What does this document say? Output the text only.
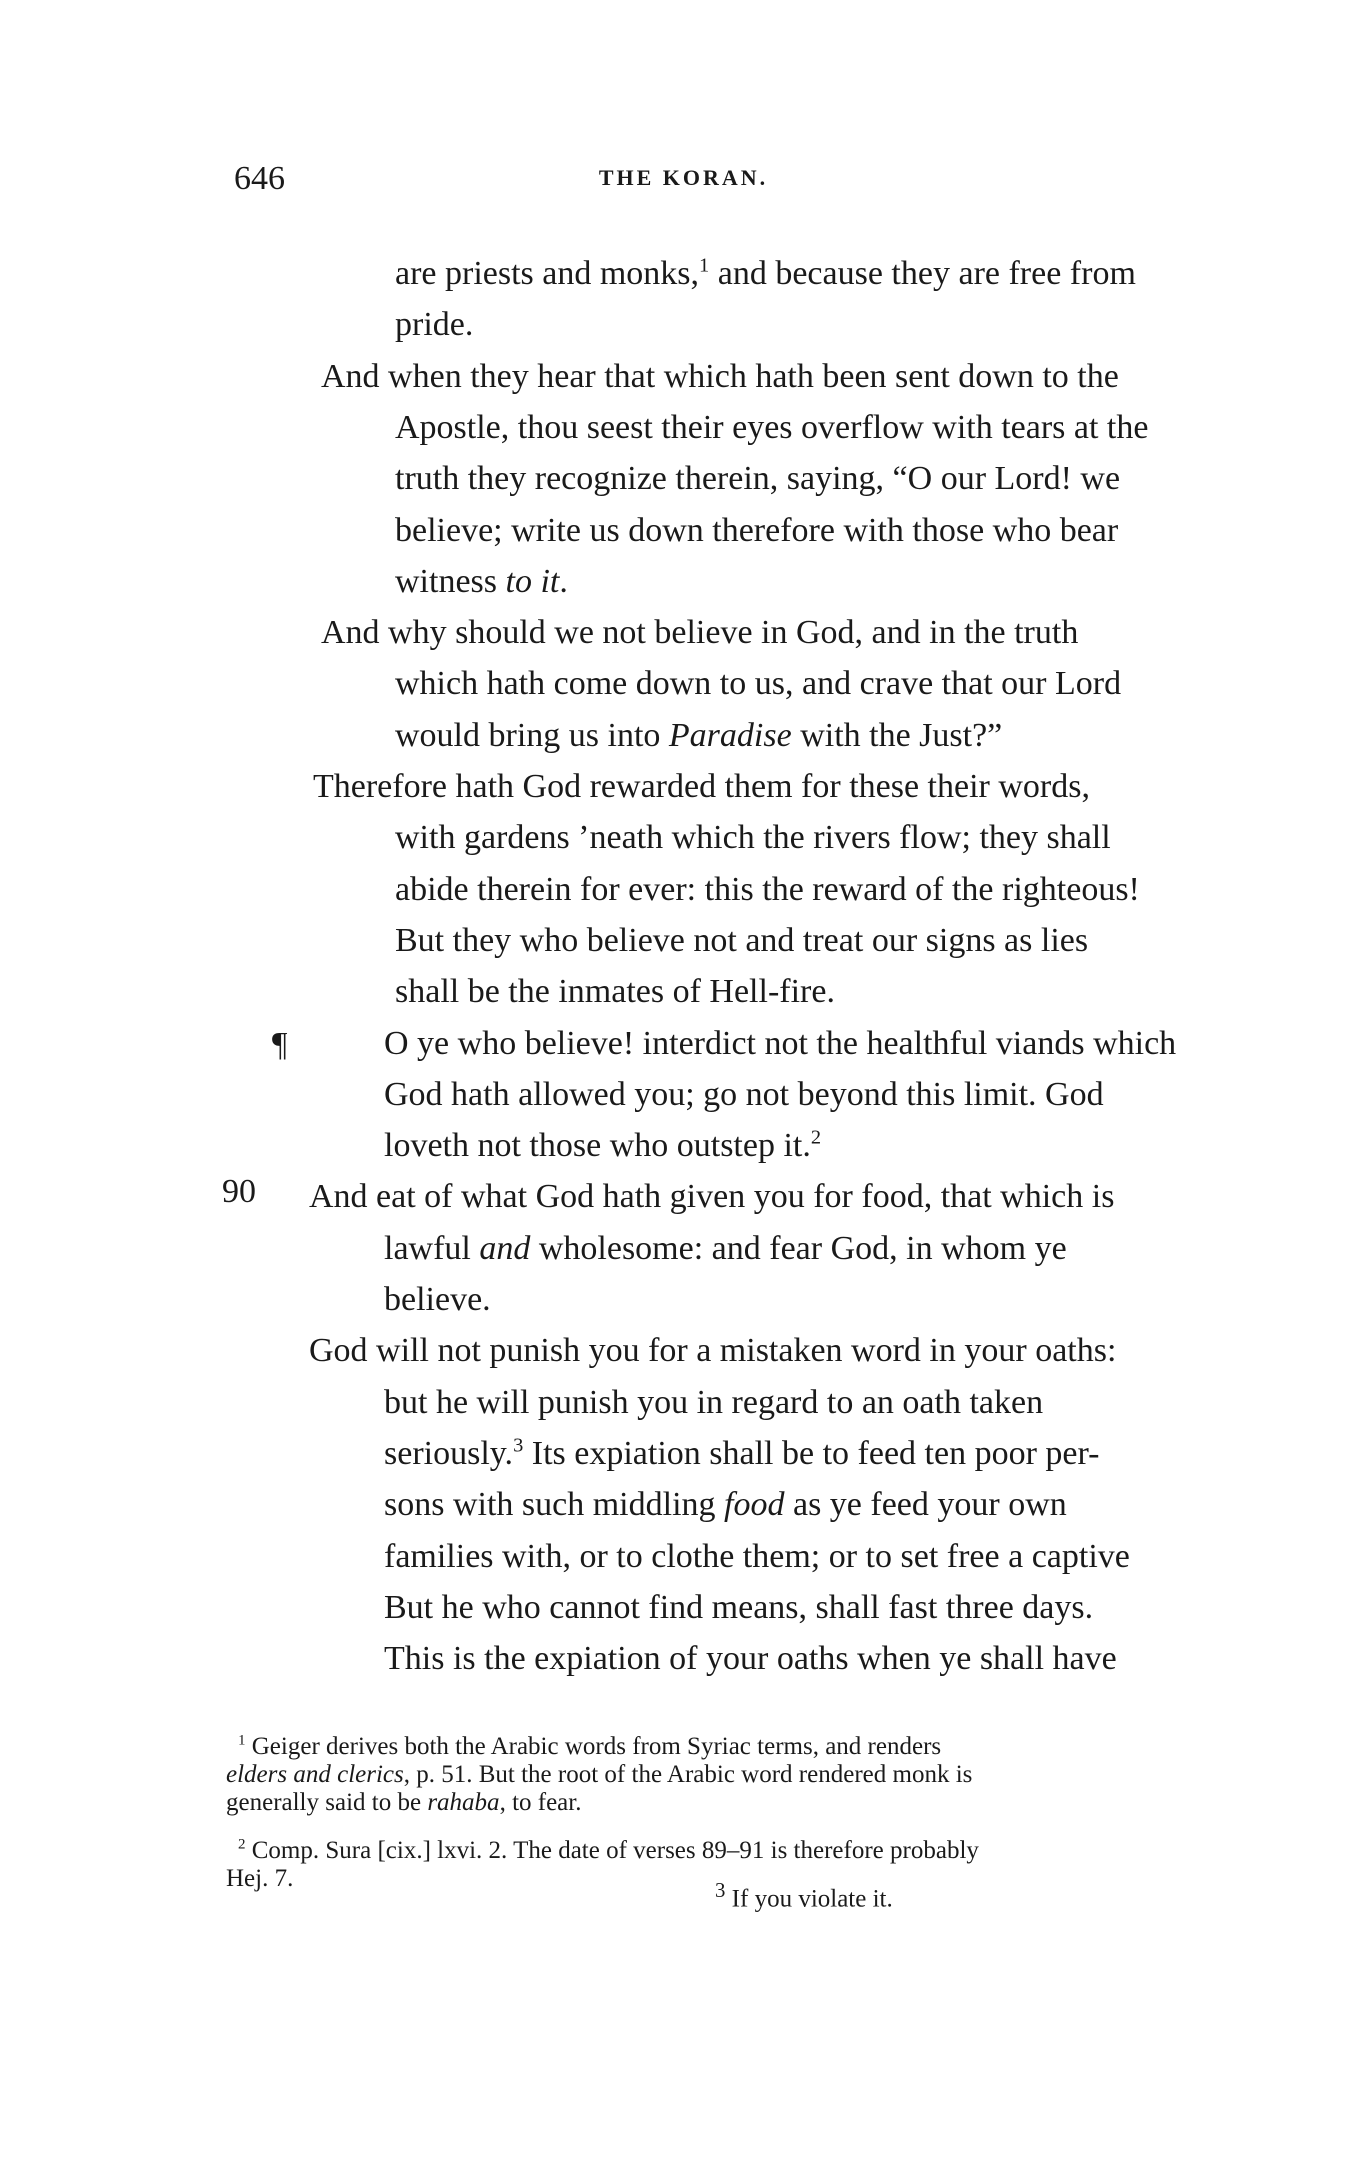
646	THE KORAN.
are priests and monks,$^1$ and because they are free from
pride.
And when they hear that which hath been sent down to the
Apostle, thou seest their eyes overflow with tears at the
truth they recognize therein, saying, “O our Lord! we
believe; write us down therefore with those who bear
witness to it.
And why should we not believe in God, and in the truth
which hath come down to us, and crave that our Lord
would bring us into Paradise with the Just?”
Therefore hath God rewarded them for these their words,
with gardens ’neath which the rivers flow; they shall
abide therein for ever: this the reward of the righteous!
But they who believe not and treat our signs as lies
shall be the inmates of Hell-fire.
O ye who believe! interdict not the healthful viands which
God hath allowed you; go not beyond this limit. God
loveth not those who outstep it.$^2$
And eat of what God hath given you for food, that which is
lawful and wholesome: and fear God, in whom ye
believe.
God will not punish you for a mistaken word in your oaths:
but he will punish you in regard to an oath taken
seriously.$^3$ Its expiation shall be to feed ten poor per-
sons with such middling food as ye feed your own
families with, or to clothe them; or to set free a captive
But he who cannot find means, shall fast three days.
This is the expiation of your oaths when ye shall have
¶
90
$^1$ Geiger derives both the Arabic words from Syriac terms, and renders
elders and clerics, p. 51. But the root of the Arabic word rendered monk is
generally said to be rahaba, to fear.
$^2$ Comp. Sura [cix.] lxvi. 2. The date of verses 89–91 is therefore probably
Hej. 7.	$^3$ If you violate it.
